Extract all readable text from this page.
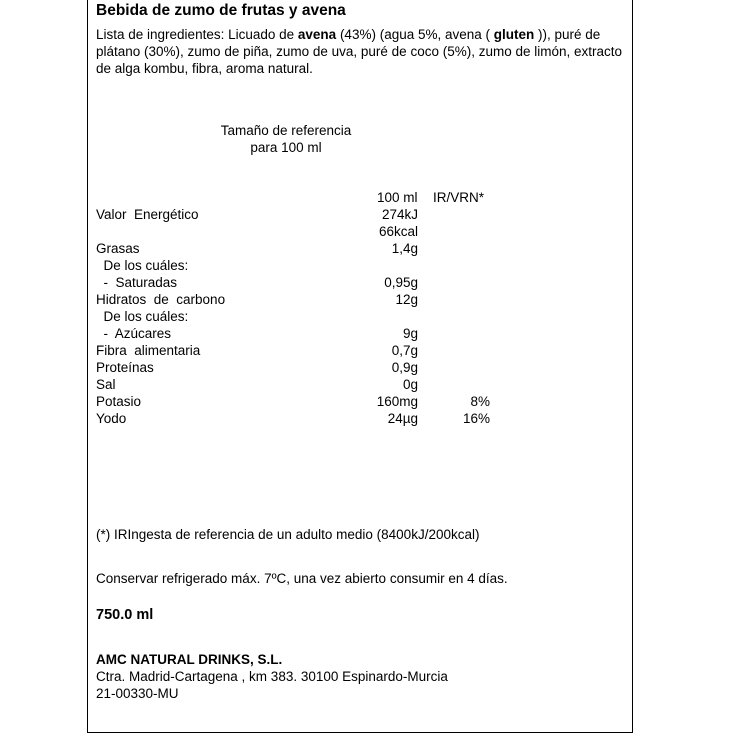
Bebida de zumo de frutas y avena
Lista de ingredientes: Licuado de avena (43%) (agua 5%, avena ( gluten )), puré de plátano (30%), zumo de piña, zumo de uva, puré de coco (5%), zumo de limón, extracto de alga kombu, fibra, aroma natural.
Tamaño de referencia
para 100 ml
100 ml IR/VRN*
Valor  Energético	274kJ
66kcal
Grasas	1,4g
De los cuáles:
-  Saturadas	0,95g
Hidratos  de  carbono	12g
De los cuáles:
-  Azúcares	9g
Fibra  alimentaria	0,7g
Proteínas	0,9g
Sal	0g
Potasio	160mg	8%
Yodo	24µg	16%
(*) IRIngesta de referencia de un adulto medio (8400kJ/200kcal)
Conservar refrigerado máx. 7ºC, una vez abierto consumir en 4 días.
750.0 ml
AMC NATURAL DRINKS, S.L.
Ctra. Madrid-Cartagena , km 383. 30100 Espinardo-Murcia
21-00330-MU
